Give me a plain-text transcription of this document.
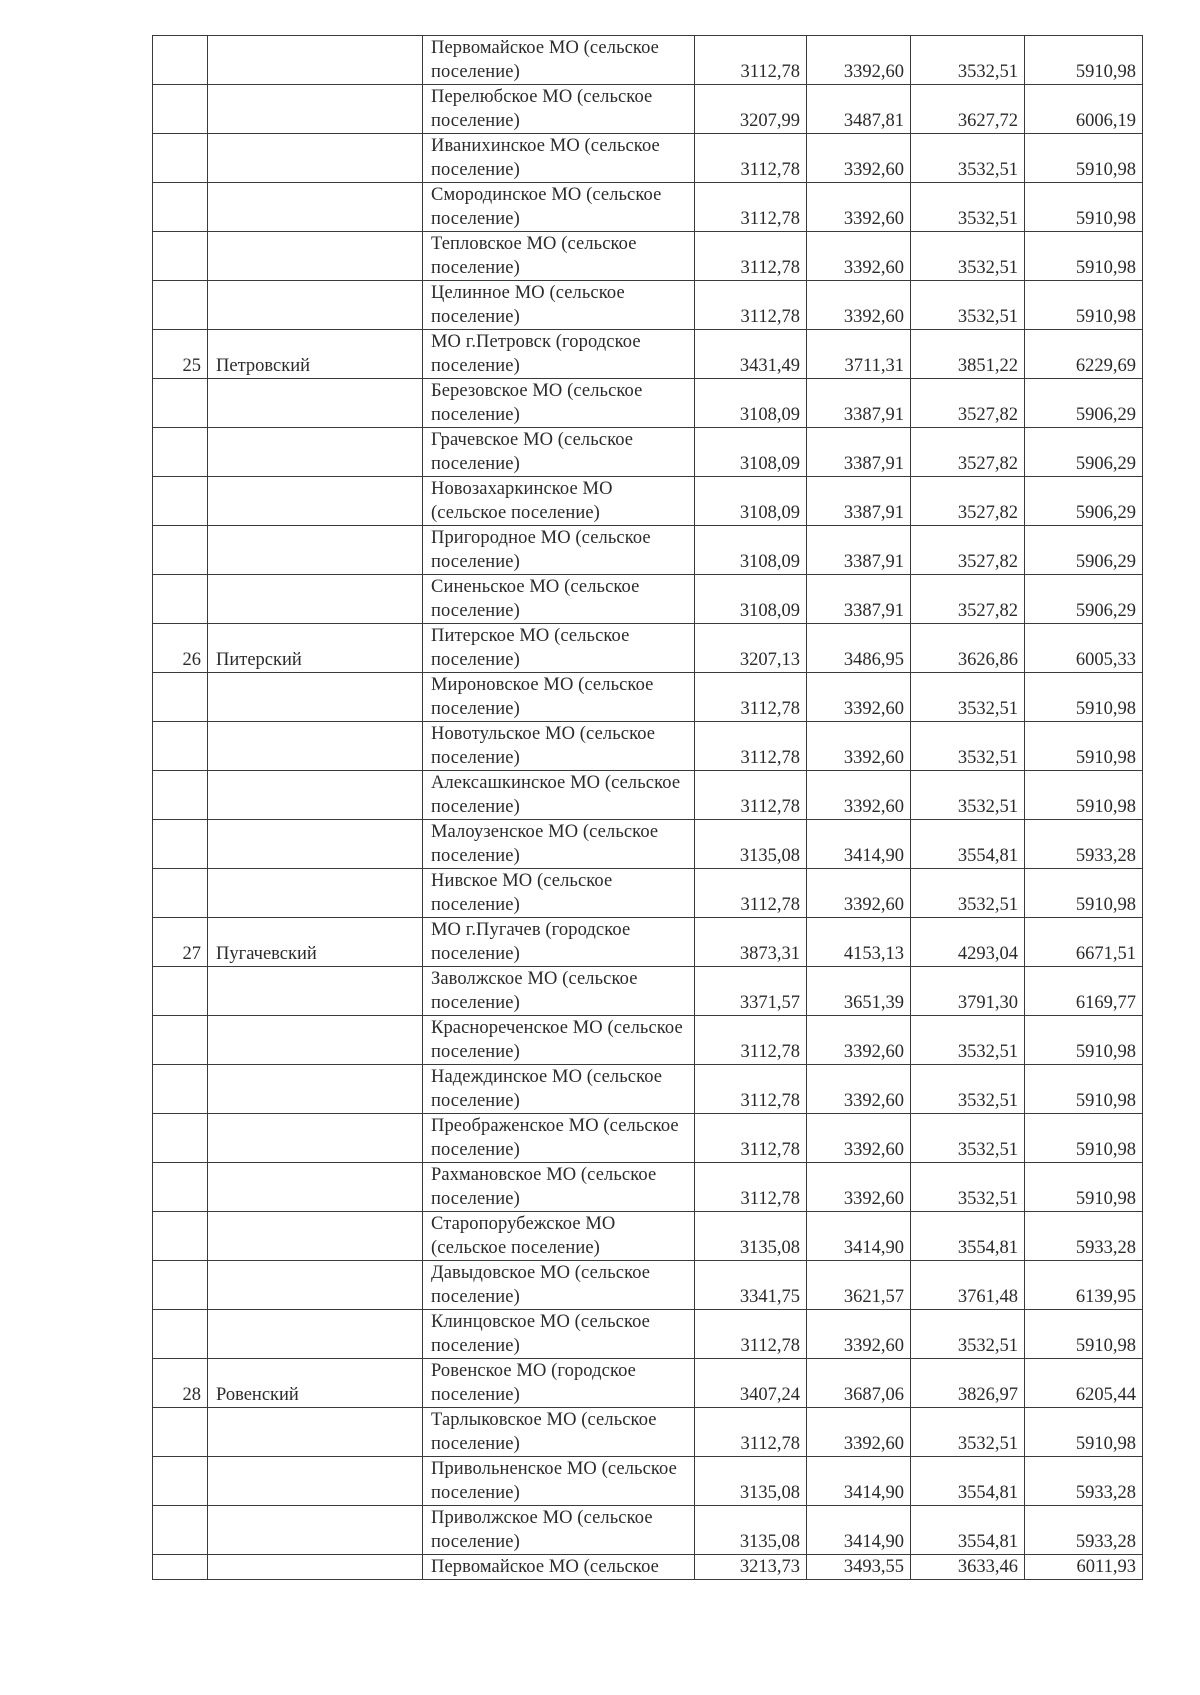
		Первомайское МО (сельское поселение)	3112,78	3392,60	3532,51	5910,98
		Перелюбское МО (сельское поселение)	3207,99	3487,81	3627,72	6006,19
		Иванихинское МО (сельское поселение)	3112,78	3392,60	3532,51	5910,98
		Смородинское МО (сельское поселение)	3112,78	3392,60	3532,51	5910,98
		Тепловское МО (сельское поселение)	3112,78	3392,60	3532,51	5910,98
		Целинное МО (сельское поселение)	3112,78	3392,60	3532,51	5910,98
25	Петровский	МО г.Петровск (городское поселение)	3431,49	3711,31	3851,22	6229,69
		Березовское МО (сельское поселение)	3108,09	3387,91	3527,82	5906,29
		Грачевское МО (сельское поселение)	3108,09	3387,91	3527,82	5906,29
		Новозахаркинское МО (сельское поселение)	3108,09	3387,91	3527,82	5906,29
		Пригородное МО (сельское поселение)	3108,09	3387,91	3527,82	5906,29
		Синеньское МО (сельское поселение)	3108,09	3387,91	3527,82	5906,29
26	Питерский	Питерское МО (сельское поселение)	3207,13	3486,95	3626,86	6005,33
		Мироновское МО (сельское поселение)	3112,78	3392,60	3532,51	5910,98
		Новотульское МО (сельское поселение)	3112,78	3392,60	3532,51	5910,98
		Алексашкинское МО (сельское поселение)	3112,78	3392,60	3532,51	5910,98
		Малоузенское МО (сельское поселение)	3135,08	3414,90	3554,81	5933,28
		Нивское МО (сельское поселение)	3112,78	3392,60	3532,51	5910,98
27	Пугачевский	МО г.Пугачев (городское поселение)	3873,31	4153,13	4293,04	6671,51
		Заволжское МО (сельское поселение)	3371,57	3651,39	3791,30	6169,77
		Краснореченское МО (сельское поселение)	3112,78	3392,60	3532,51	5910,98
		Надеждинское МО (сельское поселение)	3112,78	3392,60	3532,51	5910,98
		Преображенское МО (сельское поселение)	3112,78	3392,60	3532,51	5910,98
		Рахмановское МО (сельское поселение)	3112,78	3392,60	3532,51	5910,98
		Старопорубежское МО (сельское поселение)	3135,08	3414,90	3554,81	5933,28
		Давыдовское МО (сельское поселение)	3341,75	3621,57	3761,48	6139,95
		Клинцовское МО (сельское поселение)	3112,78	3392,60	3532,51	5910,98
28	Ровенский	Ровенское МО (городское поселение)	3407,24	3687,06	3826,97	6205,44
		Тарлыковское МО (сельское поселение)	3112,78	3392,60	3532,51	5910,98
		Привольненское МО (сельское поселение)	3135,08	3414,90	3554,81	5933,28
		Приволжское МО (сельское поселение)	3135,08	3414,90	3554,81	5933,28
		Первомайское МО (сельское	3213,73	3493,55	3633,46	6011,93
